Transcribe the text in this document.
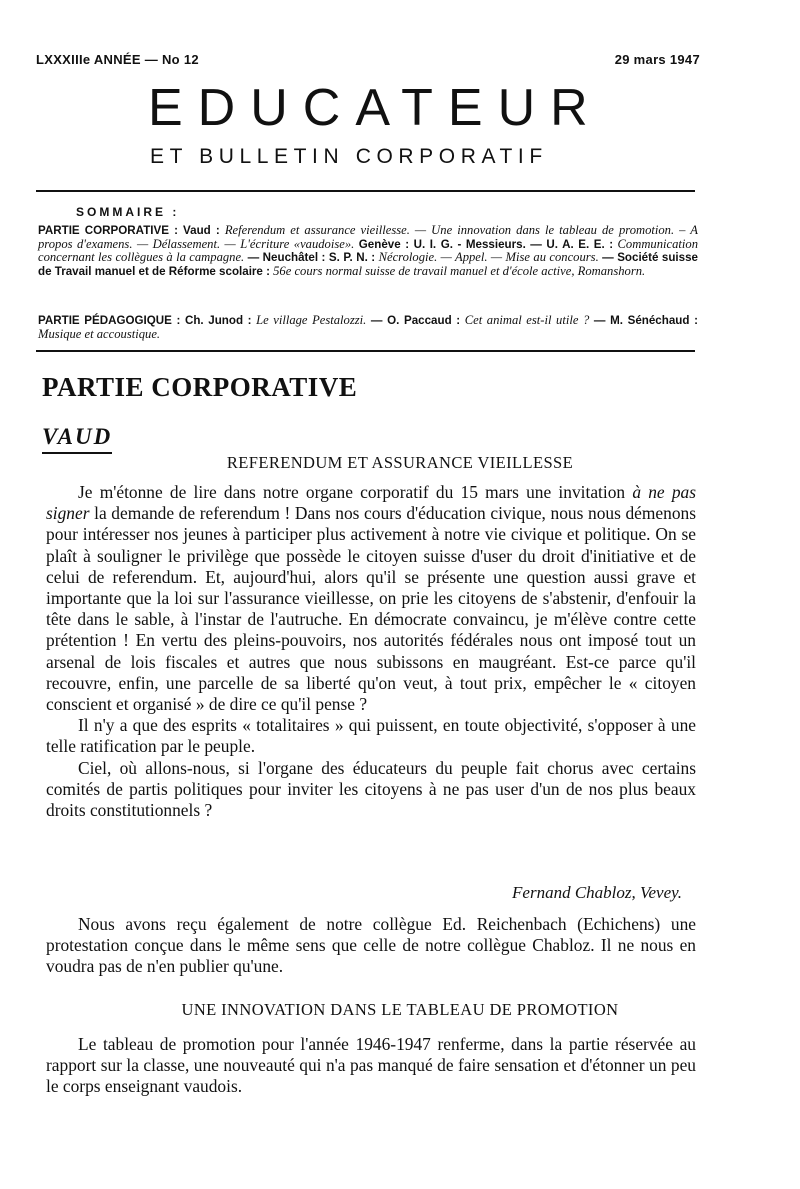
LXXXIIIe ANNÉE — No 12	29 mars 1947
EDUCATEUR
ET BULLETIN CORPORATIF
SOMMAIRE :
PARTIE CORPORATIVE : Vaud : Referendum et assurance vieillesse. — Une innovation dans le tableau de promotion. – A propos d'examens. — Délassement. — L'écriture «vaudoise». Genève : U. I. G. - Messieurs. — U. A. E. E. : Communication concernant les collègues à la campagne. — Neuchâtel : S. P. N. : Nécrologie. — Appel. — Mise au concours. — Société suisse de Travail manuel et de Réforme scolaire : 56e cours normal suisse de travail manuel et d'école active, Romanshorn.
PARTIE PÉDAGOGIQUE : Ch. Junod : Le village Pestalozzi. — O. Paccaud : Cet animal est-il utile ? — M. Sénéchaud : Musique et accoustique.
PARTIE CORPORATIVE
VAUD
REFERENDUM ET ASSURANCE VIEILLESSE

Je m'étonne de lire dans notre organe corporatif du 15 mars une invitation à ne pas signer la demande de referendum ! Dans nos cours d'éducation civique, nous nous démenons pour intéresser nos jeunes à participer plus activement à notre vie civique et politique. On se plaît à souligner le privilège que possède le citoyen suisse d'user du droit d'initiative et de celui de referendum. Et, aujourd'hui, alors qu'il se présente une question aussi grave et importante que la loi sur l'assurance vieillesse, on prie les citoyens de s'abstenir, d'enfouir la tête dans le sable, à l'instar de l'autruche. En démocrate convaincu, je m'élève contre cette prétention ! En vertu des pleins-pouvoirs, nos autorités fédérales nous ont imposé tout un arsenal de lois fiscales et autres que nous subissons en maugréant. Est-ce parce qu'il recouvre, enfin, une parcelle de sa liberté qu'on veut, à tout prix, empêcher le « citoyen conscient et organisé » de dire ce qu'il pense ?

Il n'y a que des esprits « totalitaires » qui puissent, en toute objectivité, s'opposer à une telle ratification par le peuple.

Ciel, où allons-nous, si l'organe des éducateurs du peuple fait chorus avec certains comités de partis politiques pour inviter les citoyens à ne pas user d'un de nos plus beaux droits constitutionnels ?

Fernand Chabloz, Vevey.

Nous avons reçu également de notre collègue Ed. Reichenbach (Echichens) une protestation conçue dans le même sens que celle de notre collègue Chabloz. Il ne nous en voudra pas de n'en publier qu'une.

UNE INNOVATION DANS LE TABLEAU DE PROMOTION

Le tableau de promotion pour l'année 1946-1947 renferme, dans la partie réservée au rapport sur la classe, une nouveauté qui n'a pas manqué de faire sensation et d'étonner un peu le corps enseignant vaudois.
